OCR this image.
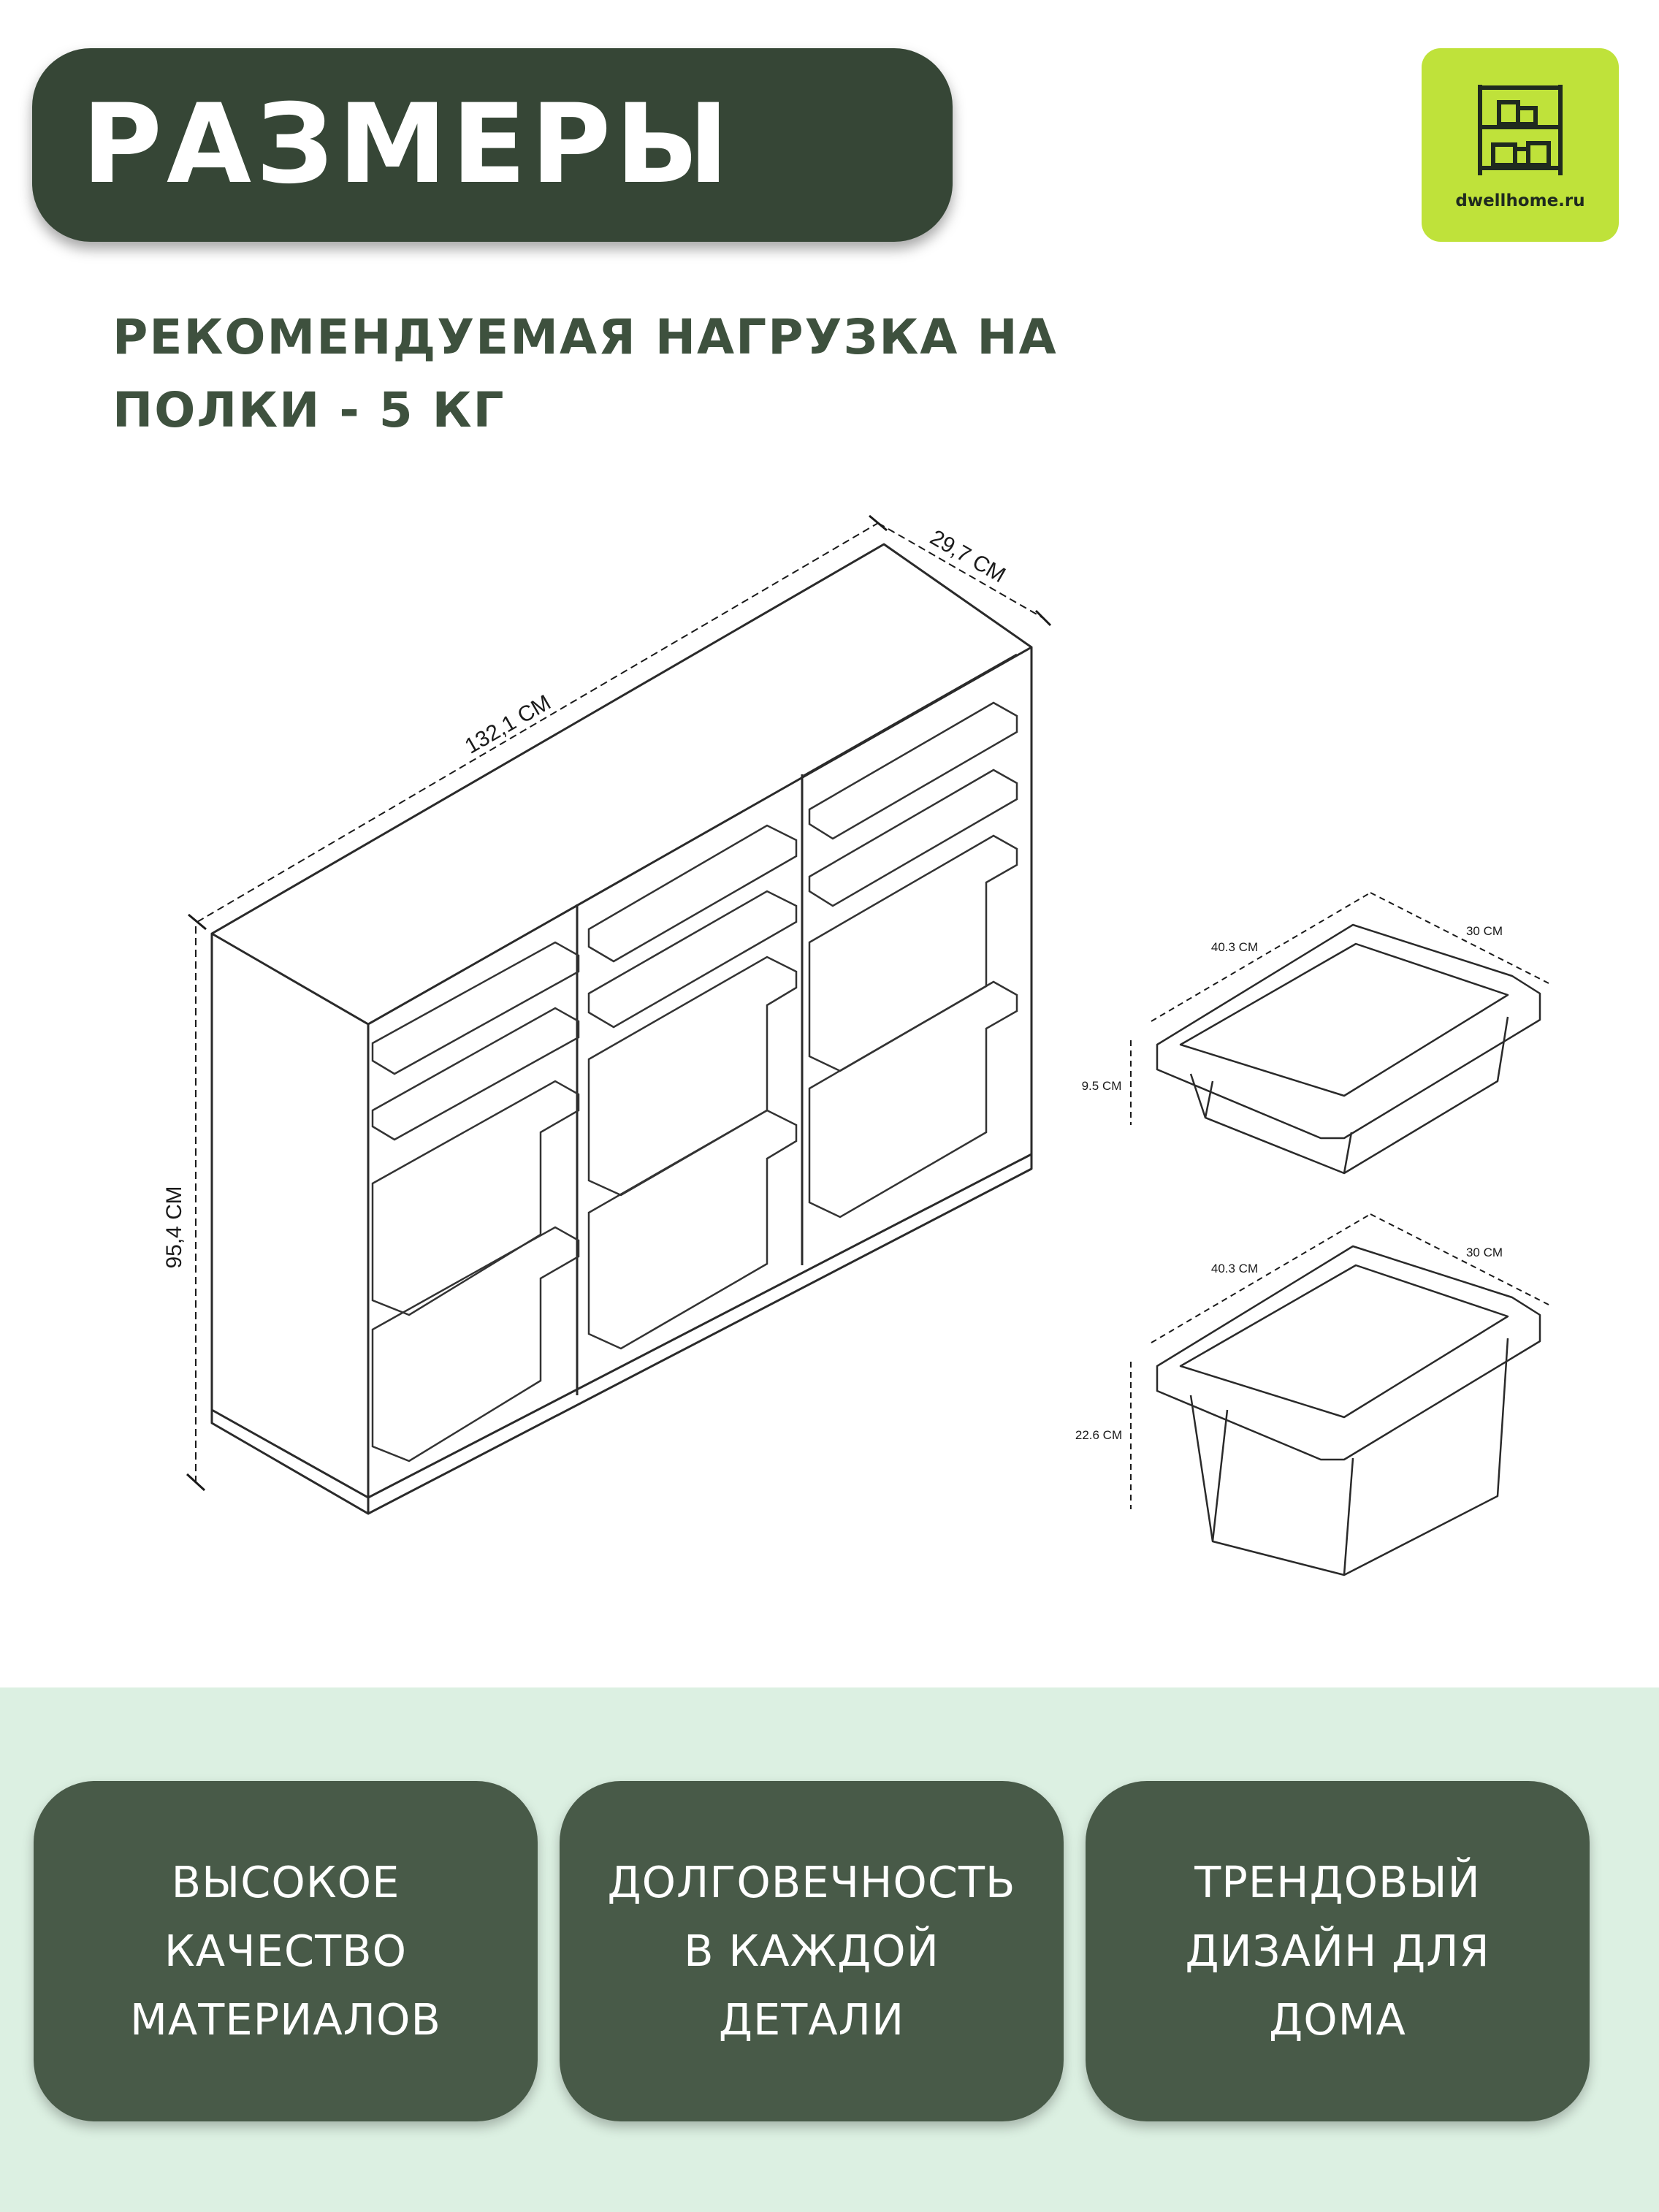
РАЗМЕРЫ	dwellhome.ru
РЕКОМЕНДУЕМАЯ НАГРУЗКА НА
ПОЛКИ - 5 КГ
132,1 СМ
29,7 СМ
95,4 СМ
40.3 CM
30 CM
9.5 CM
40.3 CM
30 CM
22.6 CM
ВЫСОКОЕ
КАЧЕСТВО
МАТЕРИАЛОВ
ДОЛГОВЕЧНОСТЬ
В КАЖДОЙ
ДЕТАЛИ
ТРЕНДОВЫЙ
ДИЗАЙН ДЛЯ
ДОМА
